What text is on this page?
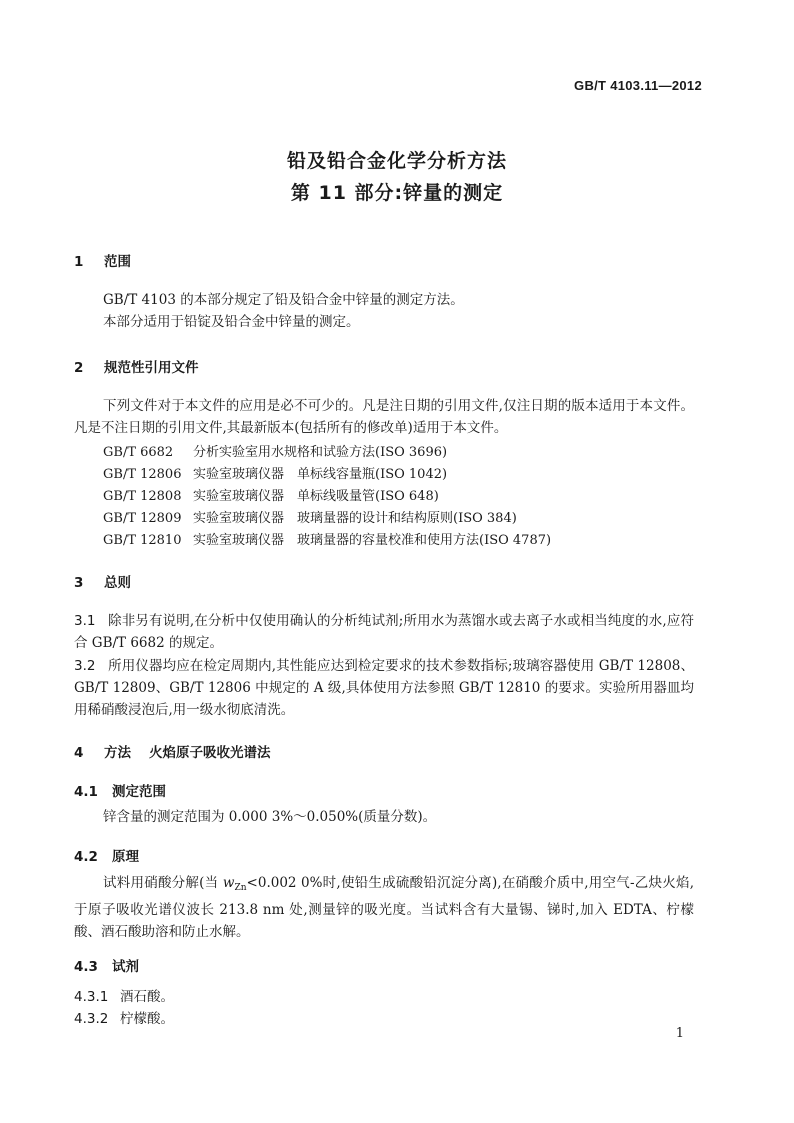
GB/T 4103.11—2012
铅及铅合金化学分析方法
第 11 部分:锌量的测定
1 范围
GB/T 4103 的本部分规定了铅及铅合金中锌量的测定方法。
本部分适用于铅锭及铅合金中锌量的测定。
2 规范性引用文件
下列文件对于本文件的应用是必不可少的。凡是注日期的引用文件,仅注日期的版本适用于本文件。凡是不注日期的引用文件,其最新版本(包括所有的修改单)适用于本文件。
GB/T 6682 分析实验室用水规格和试验方法(ISO 3696)
GB/T 12806 实验室玻璃仪器　单标线容量瓶(ISO 1042)
GB/T 12808 实验室玻璃仪器　单标线吸量管(ISO 648)
GB/T 12809 实验室玻璃仪器　玻璃量器的设计和结构原则(ISO 384)
GB/T 12810 实验室玻璃仪器　玻璃量器的容量校准和使用方法(ISO 4787)
3 总则
3.1 除非另有说明,在分析中仅使用确认的分析纯试剂;所用水为蒸馏水或去离子水或相当纯度的水,应符合 GB/T 6682 的规定。
3.2 所用仪器均应在检定周期内,其性能应达到检定要求的技术参数指标;玻璃容器使用 GB/T 12808、GB/T 12809、GB/T 12806 中规定的 A 级,具体使用方法参照 GB/T 12810 的要求。实验所用器皿均用稀硝酸浸泡后,用一级水彻底清洗。
4 方法 火焰原子吸收光谱法
4.1 测定范围
锌含量的测定范围为 0.000 3%～0.050%(质量分数)。
4.2 原理
试料用硝酸分解(当 $w_{Zn}<0.002$ 0%时,使铅生成硫酸铅沉淀分离),在硝酸介质中,用空气-乙炔火焰,于原子吸收光谱仪波长 213.8 nm 处,测量锌的吸光度。当试料含有大量锡、锑时,加入 EDTA、柠檬酸、酒石酸助溶和防止水解。
4.3 试剂
4.3.1 酒石酸。
4.3.2 柠檬酸。
1
